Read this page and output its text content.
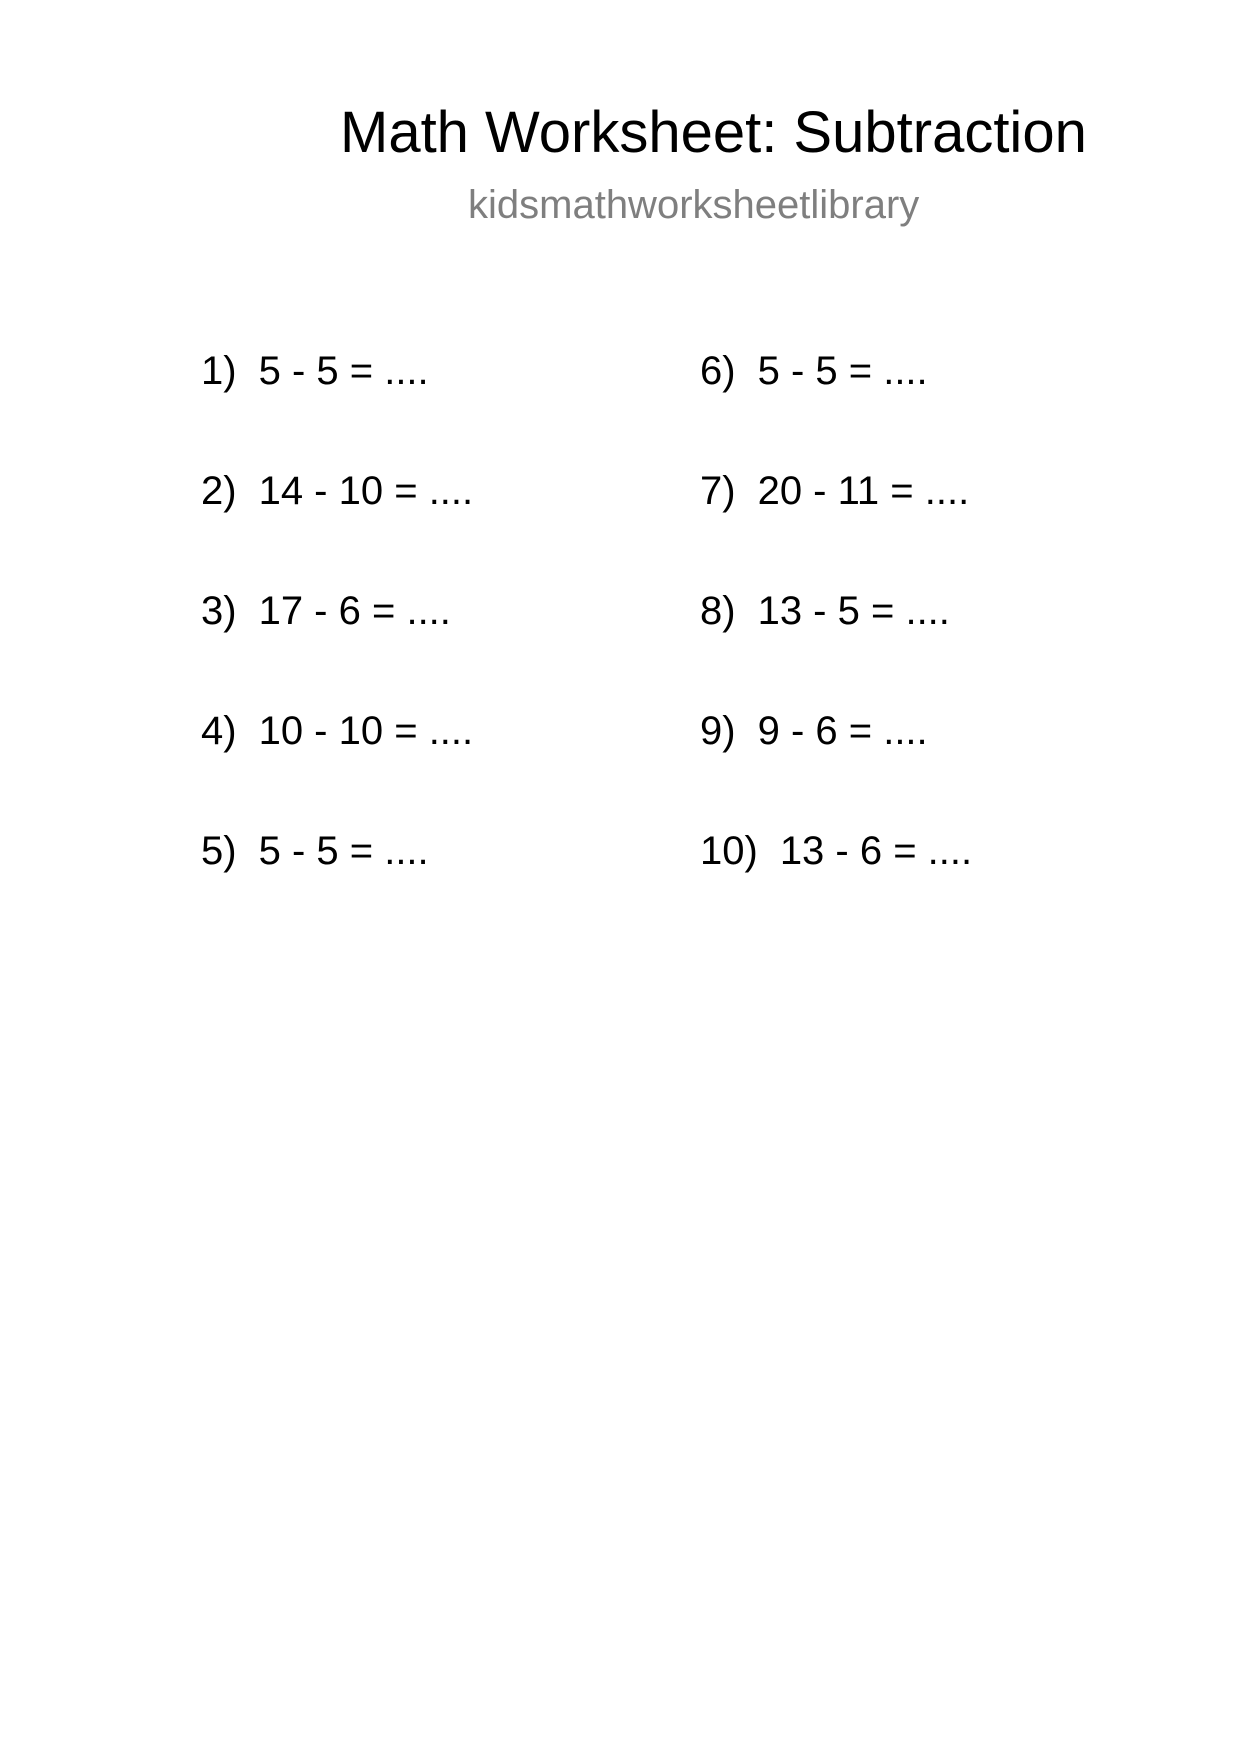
Math Worksheet: Subtraction
kidsmathworksheetlibrary
1) 5 - 5 = ....
2) 14 - 10 = ....
3) 17 - 6 = ....
4) 10 - 10 = ....
5) 5 - 5 = ....
6) 5 - 5 = ....
7) 20 - 11 = ....
8) 13 - 5 = ....
9) 9 - 6 = ....
10) 13 - 6 = ....
